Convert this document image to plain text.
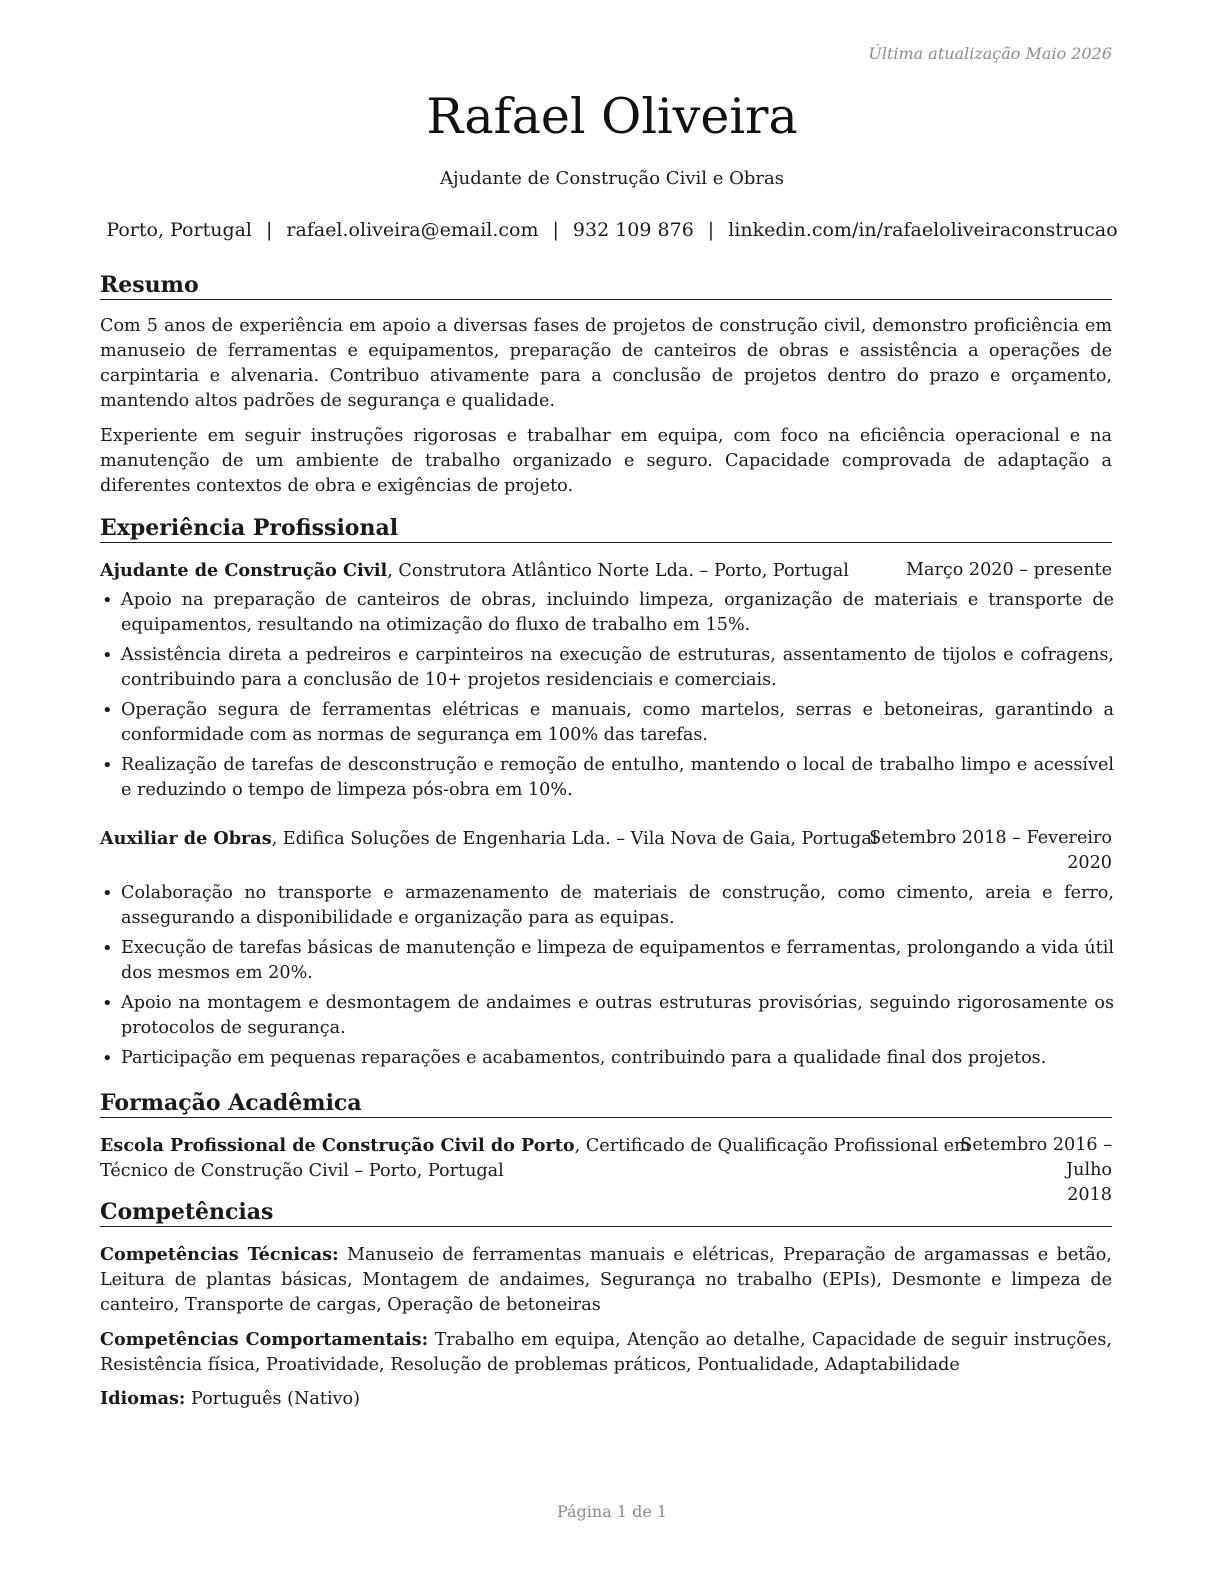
Última atualização Maio 2026
Rafael Oliveira
Ajudante de Construção Civil e Obras
Porto, Portugal | rafael.oliveira@email.com | 932 109 876 | linkedin.com/in/rafaeloliveiraconstrucao
Resumo
Com 5 anos de experiência em apoio a diversas fases de projetos de construção civil, demonstro proficiência em manuseio de ferramentas e equipamentos, preparação de canteiros de obras e assistência a operações de carpintaria e alvenaria. Contribuo ativamente para a conclusão de projetos dentro do prazo e orçamento, mantendo altos padrões de segurança e qualidade.
Experiente em seguir instruções rigorosas e trabalhar em equipa, com foco na eficiência operacional e na manutenção de um ambiente de trabalho organizado e seguro. Capacidade comprovada de adaptação a diferentes contextos de obra e exigências de projeto.
Experiência Profissional
Ajudante de Construção Civil, Construtora Atlântico Norte Lda. – Porto, Portugal	Março 2020 – presente
• Apoio na preparação de canteiros de obras, incluindo limpeza, organização de materiais e transporte de equipamentos, resultando na otimização do fluxo de trabalho em 15%.
• Assistência direta a pedreiros e carpinteiros na execução de estruturas, assentamento de tijolos e cofragens, contribuindo para a conclusão de 10+ projetos residenciais e comerciais.
• Operação segura de ferramentas elétricas e manuais, como martelos, serras e betoneiras, garantindo a conformidade com as normas de segurança em 100% das tarefas.
• Realização de tarefas de desconstrução e remoção de entulho, mantendo o local de trabalho limpo e acessível e reduzindo o tempo de limpeza pós-obra em 10%.
Auxiliar de Obras, Edifica Soluções de Engenharia Lda. – Vila Nova de Gaia, Portugal
Setembro 2018 – Fevereiro
2020
• Colaboração no transporte e armazenamento de materiais de construção, como cimento, areia e ferro, assegurando a disponibilidade e organização para as equipas.
• Execução de tarefas básicas de manutenção e limpeza de equipamentos e ferramentas, prolongando a vida útil dos mesmos em 20%.
• Apoio na montagem e desmontagem de andaimes e outras estruturas provisórias, seguindo rigorosamente os protocolos de segurança.
• Participação em pequenas reparações e acabamentos, contribuindo para a qualidade final dos projetos.
Formação Acadêmica
Escola Profissional de Construção Civil do Porto, Certificado de Qualificação Profissional em Técnico de Construção Civil – Porto, Portugal
Setembro 2016 – Julho
2018
Competências
Competências Técnicas: Manuseio de ferramentas manuais e elétricas, Preparação de argamassas e betão, Leitura de plantas básicas, Montagem de andaimes, Segurança no trabalho (EPIs), Desmonte e limpeza de canteiro, Transporte de cargas, Operação de betoneiras
Competências Comportamentais: Trabalho em equipa, Atenção ao detalhe, Capacidade de seguir instruções, Resistência física, Proatividade, Resolução de problemas práticos, Pontualidade, Adaptabilidade
Idiomas: Português (Nativo)
Página 1 de 1
